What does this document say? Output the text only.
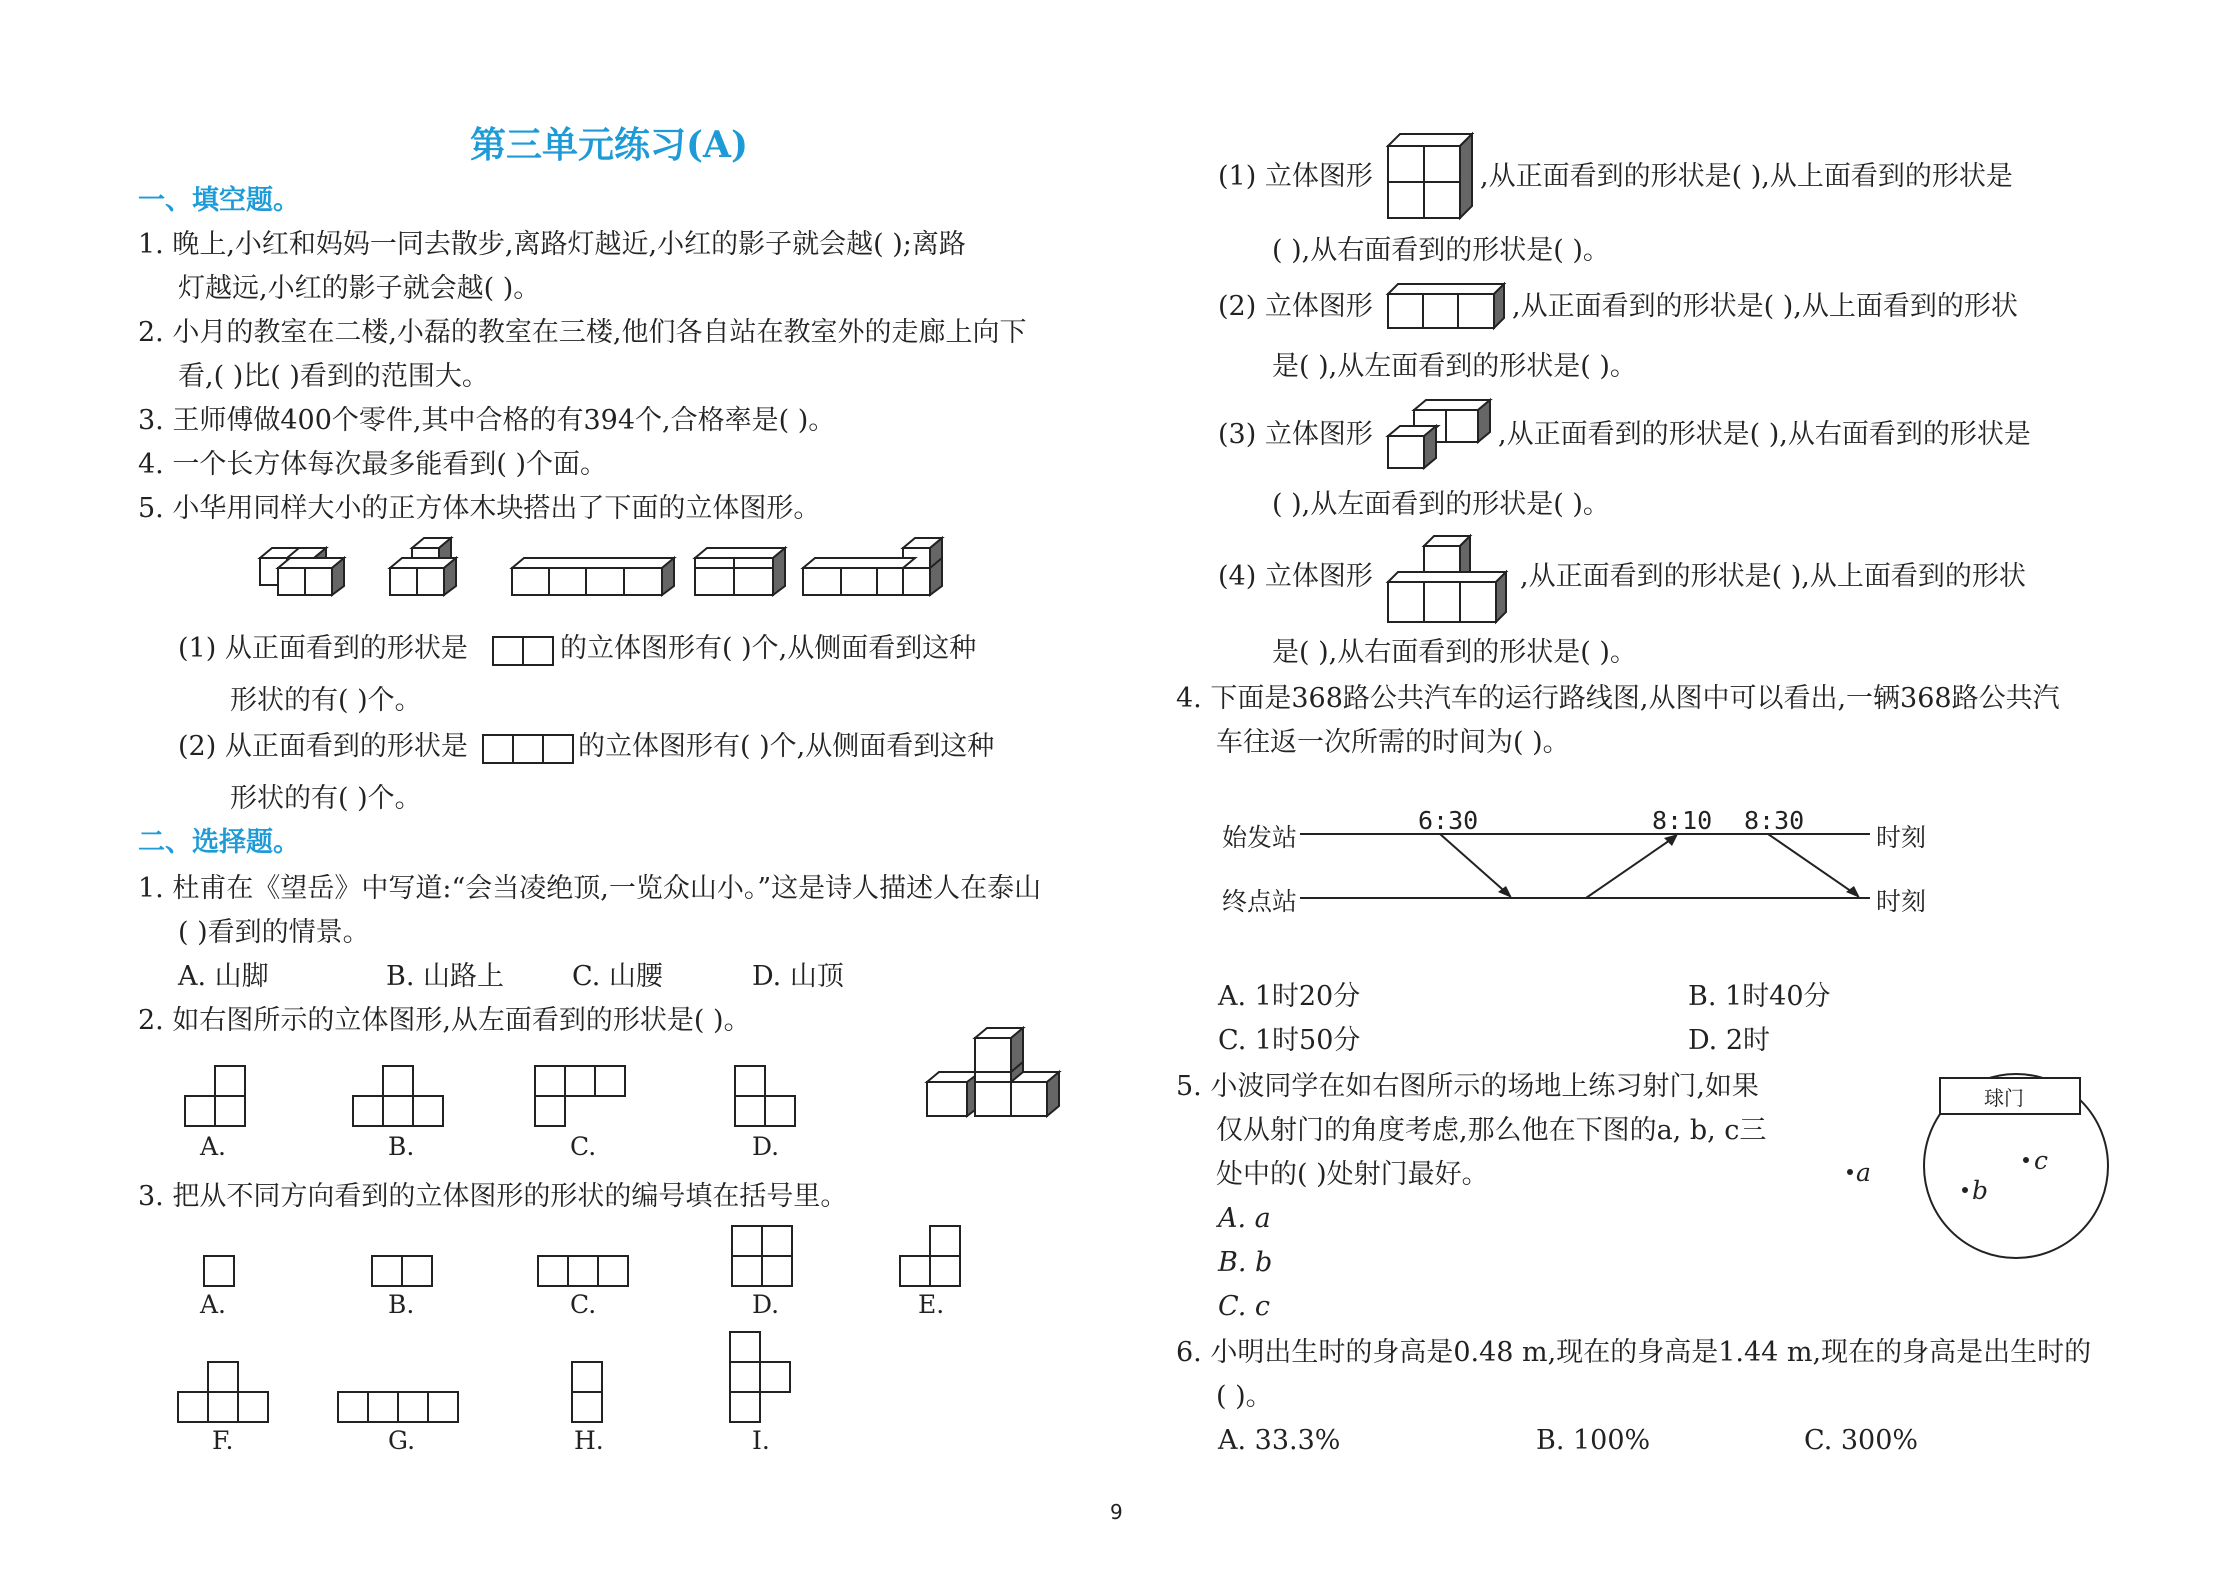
第三单元练习(A)
一、填空题。
1. 晚上,小红和妈妈一同去散步,离路灯越近,小红的影子就会越( );离路
灯越远,小红的影子就会越( )。
2. 小月的教室在二楼,小磊的教室在三楼,他们各自站在教室外的走廊上向下
看,( )比( )看到的范围大。
3. 王师傅做400个零件,其中合格的有394个,合格率是( )。
4. 一个长方体每次最多能看到( )个面。
5. 小华用同样大小的正方体木块搭出了下面的立体图形。
(1) 从正面看到的形状是	的立体图形有( )个,从侧面看到这种
形状的有( )个。
(2) 从正面看到的形状是	的立体图形有( )个,从侧面看到这种
形状的有( )个。
二、选择题。
1. 杜甫在《望岳》中写道:“会当凌绝顶,一览众山小。”这是诗人描述人在泰山
( )看到的情景。
A. 山脚	B. 山路上	C. 山腰	D. 山顶
2. 如右图所示的立体图形,从左面看到的形状是( )。
A.	B.	C.	D.
3. 把从不同方向看到的立体图形的形状的编号填在括号里。
A.	B.	C.	D.	E.
F.	G.	H.	I.
(1) 立体图形	,从正面看到的形状是( ),从上面看到的形状是
( ),从右面看到的形状是( )。
(2) 立体图形	,从正面看到的形状是( ),从上面看到的形状
是( ),从左面看到的形状是( )。
(3) 立体图形	,从正面看到的形状是( ),从右面看到的形状是
( ),从左面看到的形状是( )。
(4) 立体图形	,从正面看到的形状是( ),从上面看到的形状
是( ),从右面看到的形状是( )。
4. 下面是368路公共汽车的运行路线图,从图中可以看出,一辆368路公共汽
车往返一次所需的时间为( )。
始发站
终点站
时刻
时刻
6:30	8:10 8:30
A. 1时20分	B. 1时40分
C. 1时50分	D. 2时
5. 小波同学在如右图所示的场地上练习射门,如果
仅从射门的角度考虑,那么他在下图的a, b, c三
处中的( )处射门最好。
A. a
B. b
C. c
球门
a
b
c
6. 小明出生时的身高是0.48 m,现在的身高是1.44 m,现在的身高是出生时的
( )。
A. 33.3%	B. 100%	C. 300%
9
